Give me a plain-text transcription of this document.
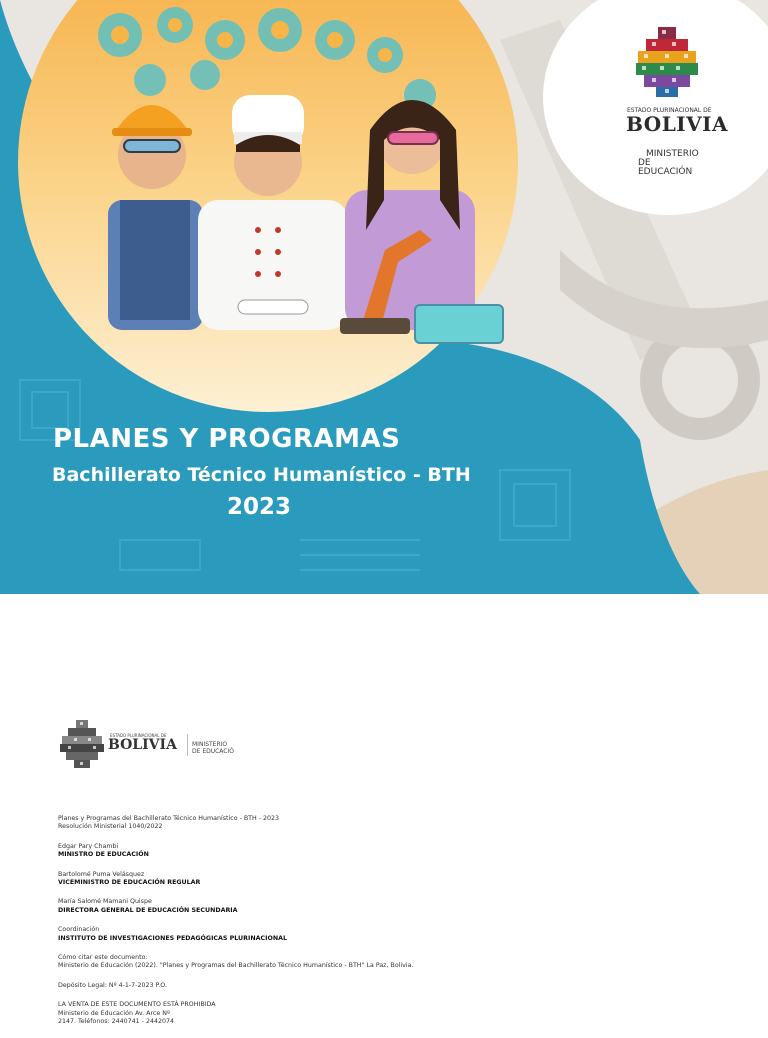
ESTADO PLURINACIONAL DE
BOLIVIA
MINISTERIO
DE
EDUCACIÓN
PLANES Y PROGRAMAS
Bachillerato Técnico Humanístico - BTH
2023
ESTADO PLURINACIONAL DE
BOLIVIA	MINISTERIO
DE EDUCACIÓ

Planes y Programas del Bachillerato Técnico Humanístico - BTH - 2023
Resolución Ministerial 1040/2022

Edgar Pary Chambi
MINISTRO DE EDUCACIÓN

Bartolomé Puma Velásquez
VICEMINISTRO DE EDUCACIÓN REGULAR

María Salomé Mamani Quispe
DIRECTORA GENERAL DE EDUCACIÓN SECUNDARIA

Coordinación
INSTITUTO DE INVESTIGACIONES PEDAGÓGICAS PLURINACIONAL

Cómo citar este documento:
Ministerio de Educación (2022). "Planes y Programas del Bachillerato Técnico Humanístico - BTH" La Paz, Bolivia.

Depósito Legal: Nº 4-1-7-2023 P.O.

LA VENTA DE ESTE DOCUMENTO ESTÁ PROHIBIDA
Ministerio de Educación Av. Arce Nº
2147. Teléfonos: 2440741 - 2442074
